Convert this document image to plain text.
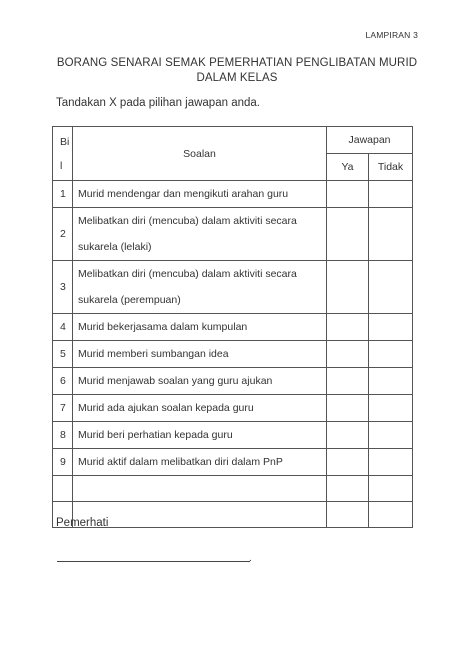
LAMPIRAN 3
BORANG SENARAI SEMAK PEMERHATIAN PENGLIBATAN MURID
DALAM KELAS
Tandakan X pada pilihan jawapan anda.
Bi
l	Soalan	Jawapan	
		Ya	Tidak
1	Murid mendengar dan mengikuti arahan guru		
2	Melibatkan diri (mencuba) dalam aktiviti secara
sukarela (lelaki)		

3	Melibatkan diri (mencuba) dalam aktiviti secara
sukarela (perempuan)		

4	Murid bekerjasama dalam kumpulan		
5	Murid memberi sumbangan idea		
6	Murid menjawab soalan yang guru ajukan		
7	Murid ada ajukan soalan kepada guru		
8	Murid beri perhatian kepada guru		
9	Murid aktif dalam melibatkan diri dalam PnP		

Pemerhati
.
